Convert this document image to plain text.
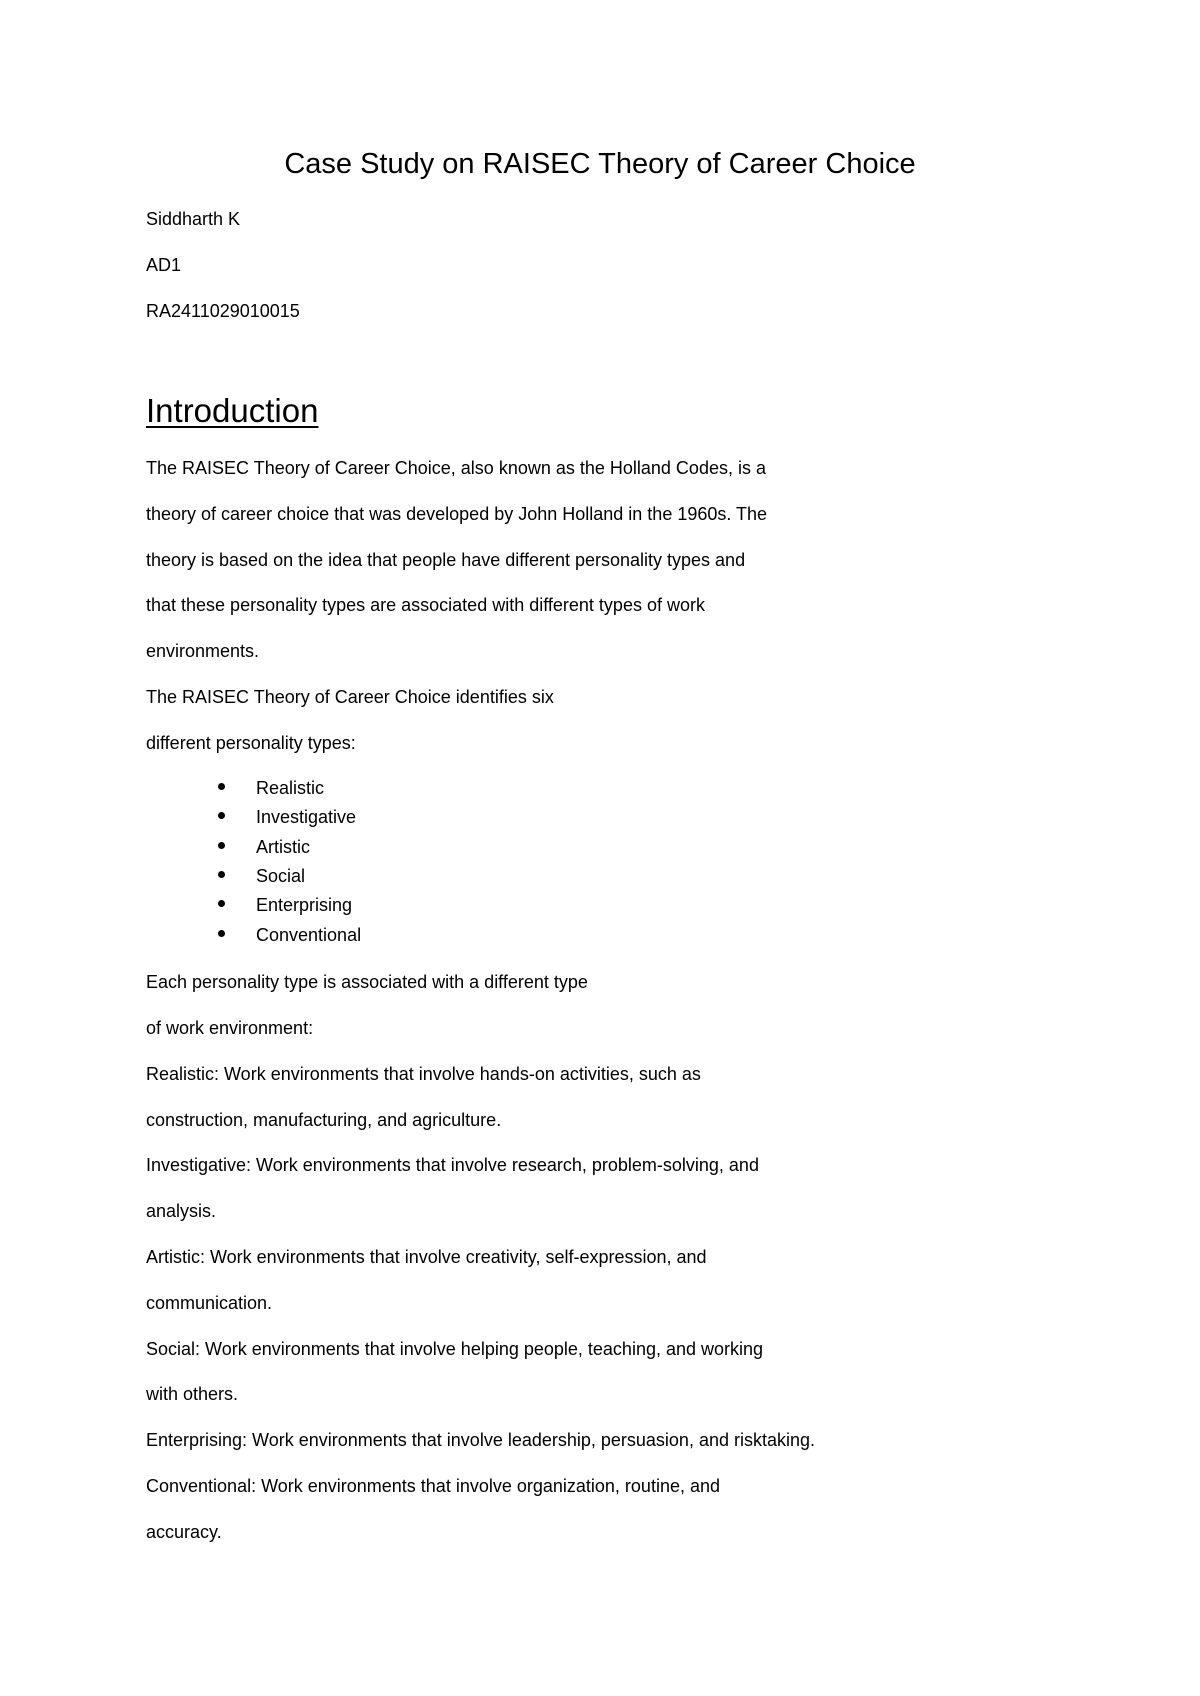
Case Study on RAISEC Theory of Career Choice
Siddharth K
AD1
RA2411029010015
Introduction
The RAISEC Theory of Career Choice, also known as the Holland Codes, is a
theory of career choice that was developed by John Holland in the 1960s. The
theory is based on the idea that people have different personality types and
that these personality types are associated with different types of work
environments.
The RAISEC Theory of Career Choice identifies six
different personality types:
Realistic
Investigative
Artistic
Social
Enterprising
Conventional
Each personality type is associated with a different type
of work environment:
Realistic: Work environments that involve hands-on activities, such as
construction, manufacturing, and agriculture.
Investigative: Work environments that involve research, problem-solving, and
analysis.
Artistic: Work environments that involve creativity, self-expression, and
communication.
Social: Work environments that involve helping people, teaching, and working
with others.
Enterprising: Work environments that involve leadership, persuasion, and risktaking.
Conventional: Work environments that involve organization, routine, and
accuracy.
